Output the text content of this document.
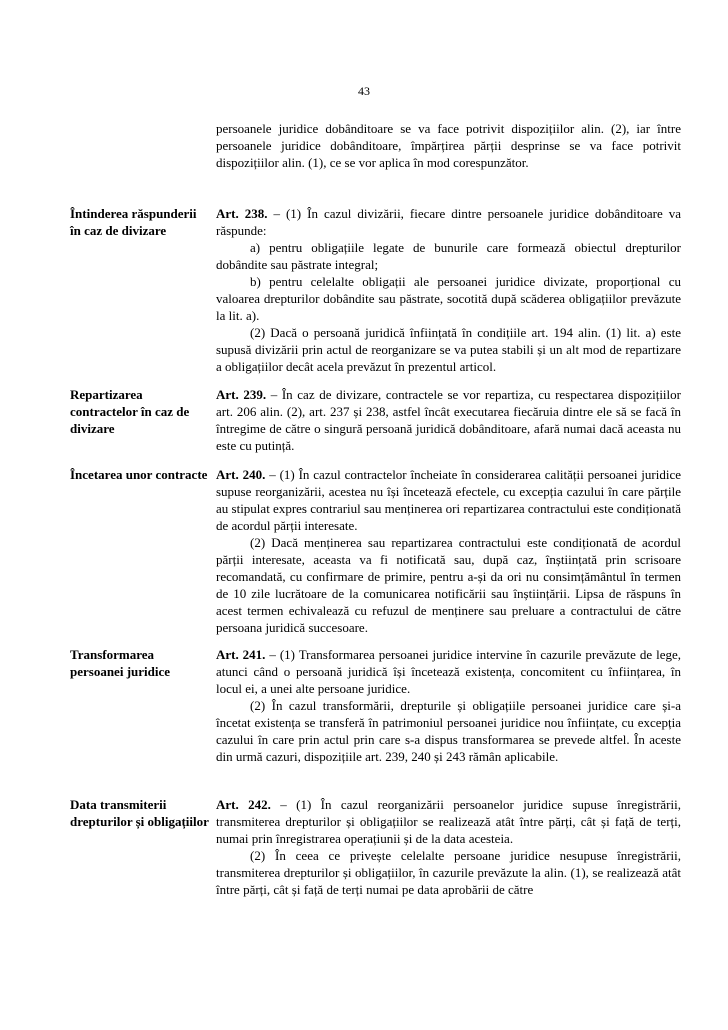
43

persoanele juridice dobânditoare se va face potrivit dispozițiilor alin. (2), iar între persoanele juridice dobânditoare, împărțirea părții desprinse se va face potrivit dispozițiilor alin. (1), ce se vor aplica în mod corespunzător.

Întinderea răspunderii în caz de divizare

Art. 238. – (1) În cazul divizării, fiecare dintre persoanele juridice dobânditoare va răspunde:

a) pentru obligațiile legate de bunurile care formează obiectul drepturilor dobândite sau păstrate integral;

b) pentru celelalte obligații ale persoanei juridice divizate, proporțional cu valoarea drepturilor dobândite sau păstrate, socotită după scăderea obligațiilor prevăzute la lit. a).

(2) Dacă o persoană juridică înființată în condițiile art. 194 alin. (1) lit. a) este supusă divizării prin actul de reorganizare se va putea stabili și un alt mod de repartizare a obligațiilor decât acela prevăzut în prezentul articol.

Repartizarea contractelor în caz de divizare

Art. 239. – În caz de divizare, contractele se vor repartiza, cu respectarea dispozițiilor art. 206 alin. (2), art. 237 și 238, astfel încât executarea fiecăruia dintre ele să se facă în întregime de către o singură persoană juridică dobânditoare, afară numai dacă aceasta nu este cu putință.

Încetarea unor contracte Art. 240. – (1) În cazul contractelor încheiate în considerarea calității persoanei juridice supuse reorganizării, acestea nu își încetează efectele, cu excepția cazului în care părțile au stipulat expres contrariul sau menținerea ori repartizarea contractului este condiționată de acordul părții interesate.

(2) Dacă menținerea sau repartizarea contractului este condiționată de acordul părții interesate, aceasta va fi notificată sau, după caz, înștiințată prin scrisoare recomandată, cu confirmare de primire, pentru a-și da ori nu consimțământul în termen de 10 zile lucrătoare de la comunicarea notificării sau înștiințării. Lipsa de răspuns în acest termen echivalează cu refuzul de menținere sau preluare a contractului de către persoana juridică succesoare.

Transformarea persoanei juridice

Art. 241. – (1) Transformarea persoanei juridice intervine în cazurile prevăzute de lege, atunci când o persoană juridică își încetează existența, concomitent cu înființarea, în locul ei, a unei alte persoane juridice.

(2) În cazul transformării, drepturile și obligațiile persoanei juridice care și-a încetat existența se transferă în patrimoniul persoanei juridice nou înființate, cu excepția cazului în care prin actul prin care s-a dispus transformarea se prevede altfel. În aceste din urmă cazuri, dispozițiile art. 239, 240 și 243 rămân aplicabile.

Data transmiterii drepturilor și obligațiilor

Art. 242. – (1) În cazul reorganizării persoanelor juridice supuse înregistrării, transmiterea drepturilor și obligațiilor se realizează atât între părți, cât și față de terți, numai prin înregistrarea operațiunii și de la data acesteia.

(2) În ceea ce privește celelalte persoane juridice nesupuse înregistrării, transmiterea drepturilor și obligațiilor, în cazurile prevăzute la alin. (1), se realizează atât între părți, cât și față de terți numai pe data aprobării de către
